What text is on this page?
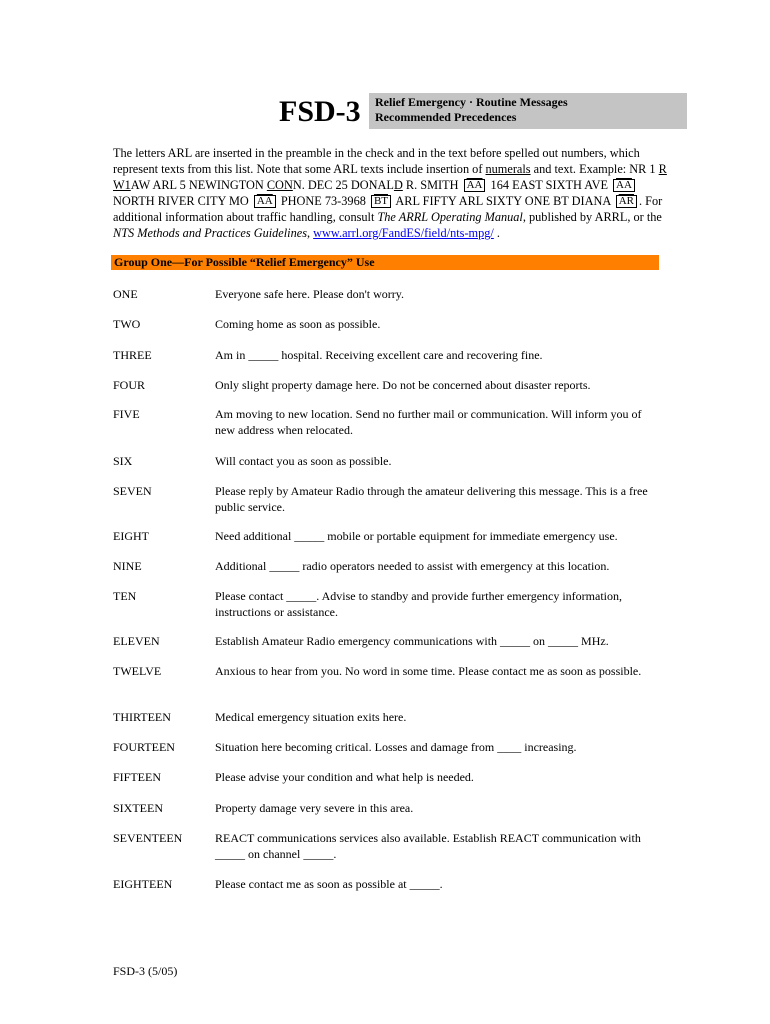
FSD-3 Relief Emergency · Routine Messages
Recommended Precedences

The letters ARL are inserted in the preamble in the check and in the text before spelled out numbers, which represent texts from this list. Note that some ARL texts include insertion of numerals and text. Example: NR 1 R W1AW ARL 5 NEWINGTON CONN. DEC 25 DONALD R. SMITH $\overline{AA}$ 164 EAST SIXTH AVE $\overline{AA}$ NORTH RIVER CITY MO $\overline{AA}$ PHONE 73-3968 $\overline{BT}$ ARL FIFTY ARL SIXTY ONE BT DIANA $\overline{AR}$ . For additional information about traffic handling, consult The ARRL Operating Manual, published by ARRL, or the NTS Methods and Practices Guidelines, www.arrl.org/FandES/field/nts-mpg/ .

Group One—For Possible “Relief Emergency” Use
ONE	Everyone safe here. Please don't worry.
TWO	Coming home as soon as possible.
THREE	Am in _____ hospital. Receiving excellent care and recovering fine.
FOUR	Only slight property damage here. Do not be concerned about disaster reports.
FIVE	Am moving to new location. Send no further mail or communication. Will inform you of new address when relocated.
SIX	Will contact you as soon as possible.
SEVEN	Please reply by Amateur Radio through the amateur delivering this message. This is a free public service.
EIGHT	Need additional _____ mobile or portable equipment for immediate emergency use.
NINE	Additional _____ radio operators needed to assist with emergency at this location.
TEN	Please contact _____. Advise to standby and provide further emergency information, instructions or assistance.
ELEVEN	Establish Amateur Radio emergency communications with _____ on _____ MHz.
TWELVE	Anxious to hear from you. No word in some time. Please contact me as soon as possible.
THIRTEEN	Medical emergency situation exits here.
FOURTEEN	Situation here becoming critical. Losses and damage from ____ increasing.
FIFTEEN	Please advise your condition and what help is needed.
SIXTEEN	Property damage very severe in this area.
SEVENTEEN	REACT communications services also available. Establish REACT communication with _____ on channel _____.
EIGHTEEN	Please contact me as soon as possible at _____.
FSD-3 (5/05)
